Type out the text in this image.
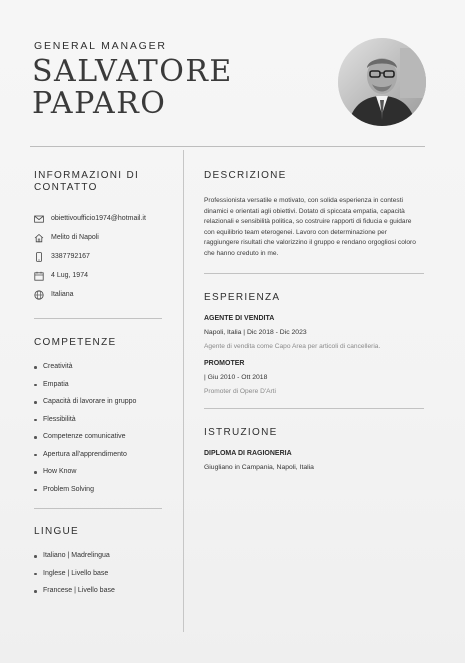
GENERAL MANAGER
SALVATORE
PAPARO
INFORMAZIONI DI CONTATTO
obiettivoufficio1974@hotmail.it
Melito di Napoli
3387792167
4 Lug, 1974
Italiana
COMPETENZE
Creatività
Empatia
Capacità di lavorare in gruppo
Flessibilità
Competenze comunicative
Apertura all'apprendimento
How Know
Problem Solving
LINGUE
Italiano | Madrelingua
Inglese | Livello base
Francese | Livello base
DESCRIZIONE
Professionista versatile e motivato, con solida esperienza in contesti
dinamici e orientati agli obiettivi. Dotato di spiccata empatia, capacità
relazionali e sensibilità politica, so costruire rapporti di fiducia e guidare
con equilibrio team eterogenei. Lavoro con determinazione per
raggiungere risultati che valorizzino il gruppo e rendano orgogliosi coloro
che hanno creduto in me.
ESPERIENZA
AGENTE DI VENDITA
Napoli, Italia | Dic 2018 - Dic 2023
Agente di vendita come Capo Area per articoli di cancelleria.
PROMOTER
| Giu 2010 - Ott 2018
Promoter di Opere D'Arti
ISTRUZIONE
DIPLOMA DI RAGIONERIA
Giugliano in Campania, Napoli, Italia
